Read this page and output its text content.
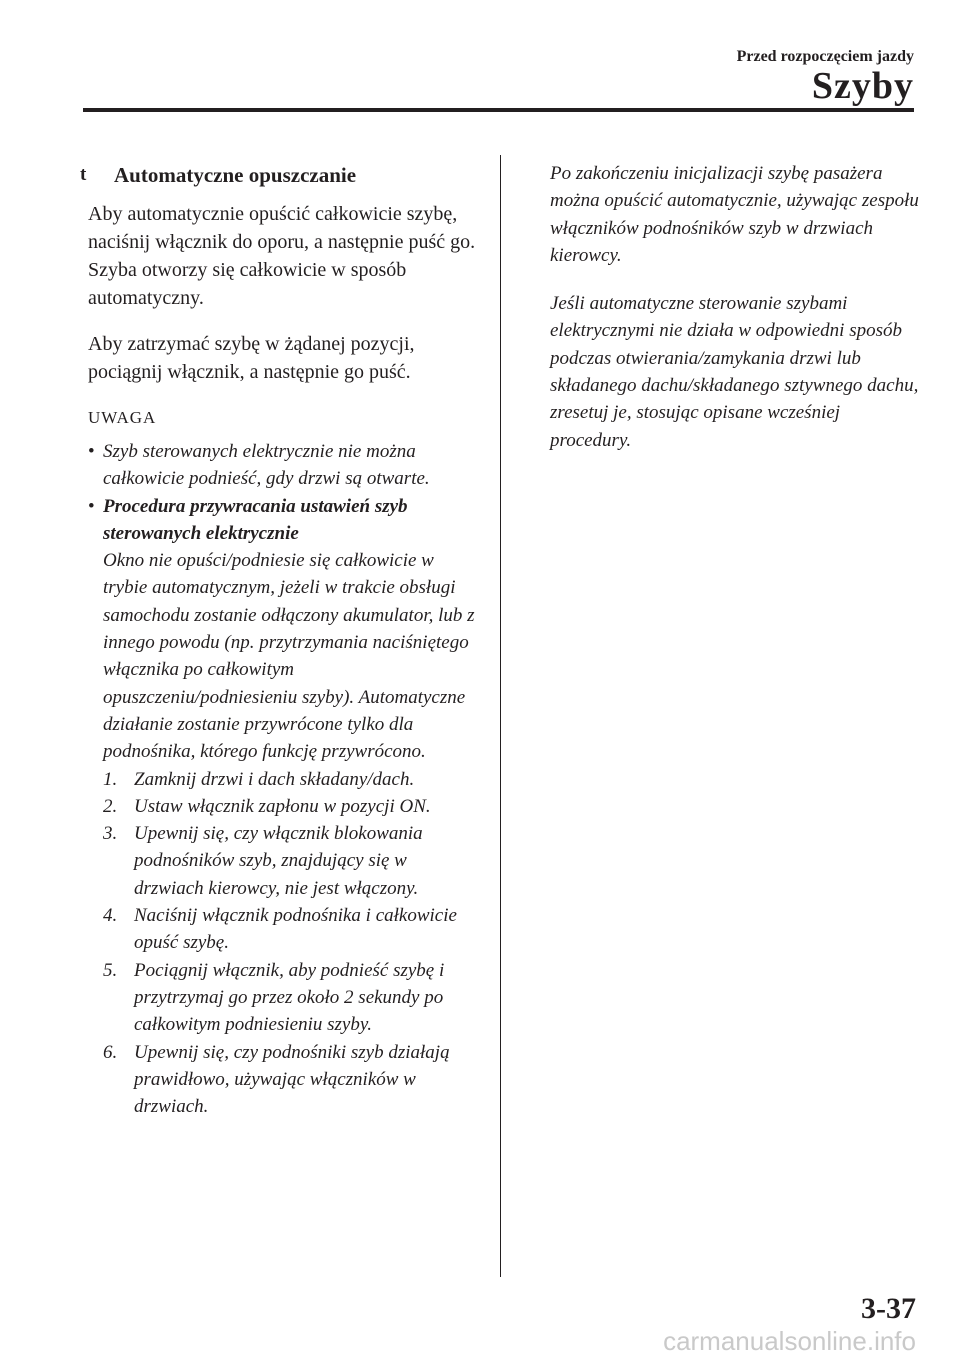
Przed rozpoczęciem jazdy
Szyby
t Automatyczne opuszczanie

Aby automatycznie opuścić całkowicie szybę, naciśnij włącznik do oporu, a następnie puść go. Szyba otworzy się całkowicie w sposób automatyczny.

Aby zatrzymać szybę w żądanej pozycji, pociągnij włącznik, a następnie go puść.

UWAGA
• Szyb sterowanych elektrycznie nie można całkowicie podnieść, gdy drzwi są otwarte.
• Procedura przywracania ustawień szyb sterowanych elektrycznie
Okno nie opuści/podniesie się całkowicie w trybie automatycznym, jeżeli w trakcie obsługi samochodu zostanie odłączony akumulator, lub z innego powodu (np. przytrzymania naciśniętego włącznika po całkowitym opuszczeniu/podniesieniu szyby). Automatyczne działanie zostanie przywrócone tylko dla podnośnika, którego funkcję przywrócono.
1. Zamknij drzwi i dach składany/dach.
2. Ustaw włącznik zapłonu w pozycji ON.
3. Upewnij się, czy włącznik blokowania podnośników szyb, znajdujący się w drzwiach kierowcy, nie jest włączony.
4. Naciśnij włącznik podnośnika i całkowicie opuść szybę.
5. Pociągnij włącznik, aby podnieść szybę i przytrzymaj go przez około 2 sekundy po całkowitym podniesieniu szyby.
6. Upewnij się, czy podnośniki szyb działają prawidłowo, używając włączników w drzwiach.

Po zakończeniu inicjalizacji szybę pasażera można opuścić automatycznie, używając zespołu włączników podnośników szyb w drzwiach kierowcy.

Jeśli automatyczne sterowanie szybami elektrycznymi nie działa w odpowiedni sposób podczas otwierania/zamykania drzwi lub składanego dachu/składanego sztywnego dachu, zresetuj je, stosując opisane wcześniej procedury.

3-37
carmanualsonline.info
